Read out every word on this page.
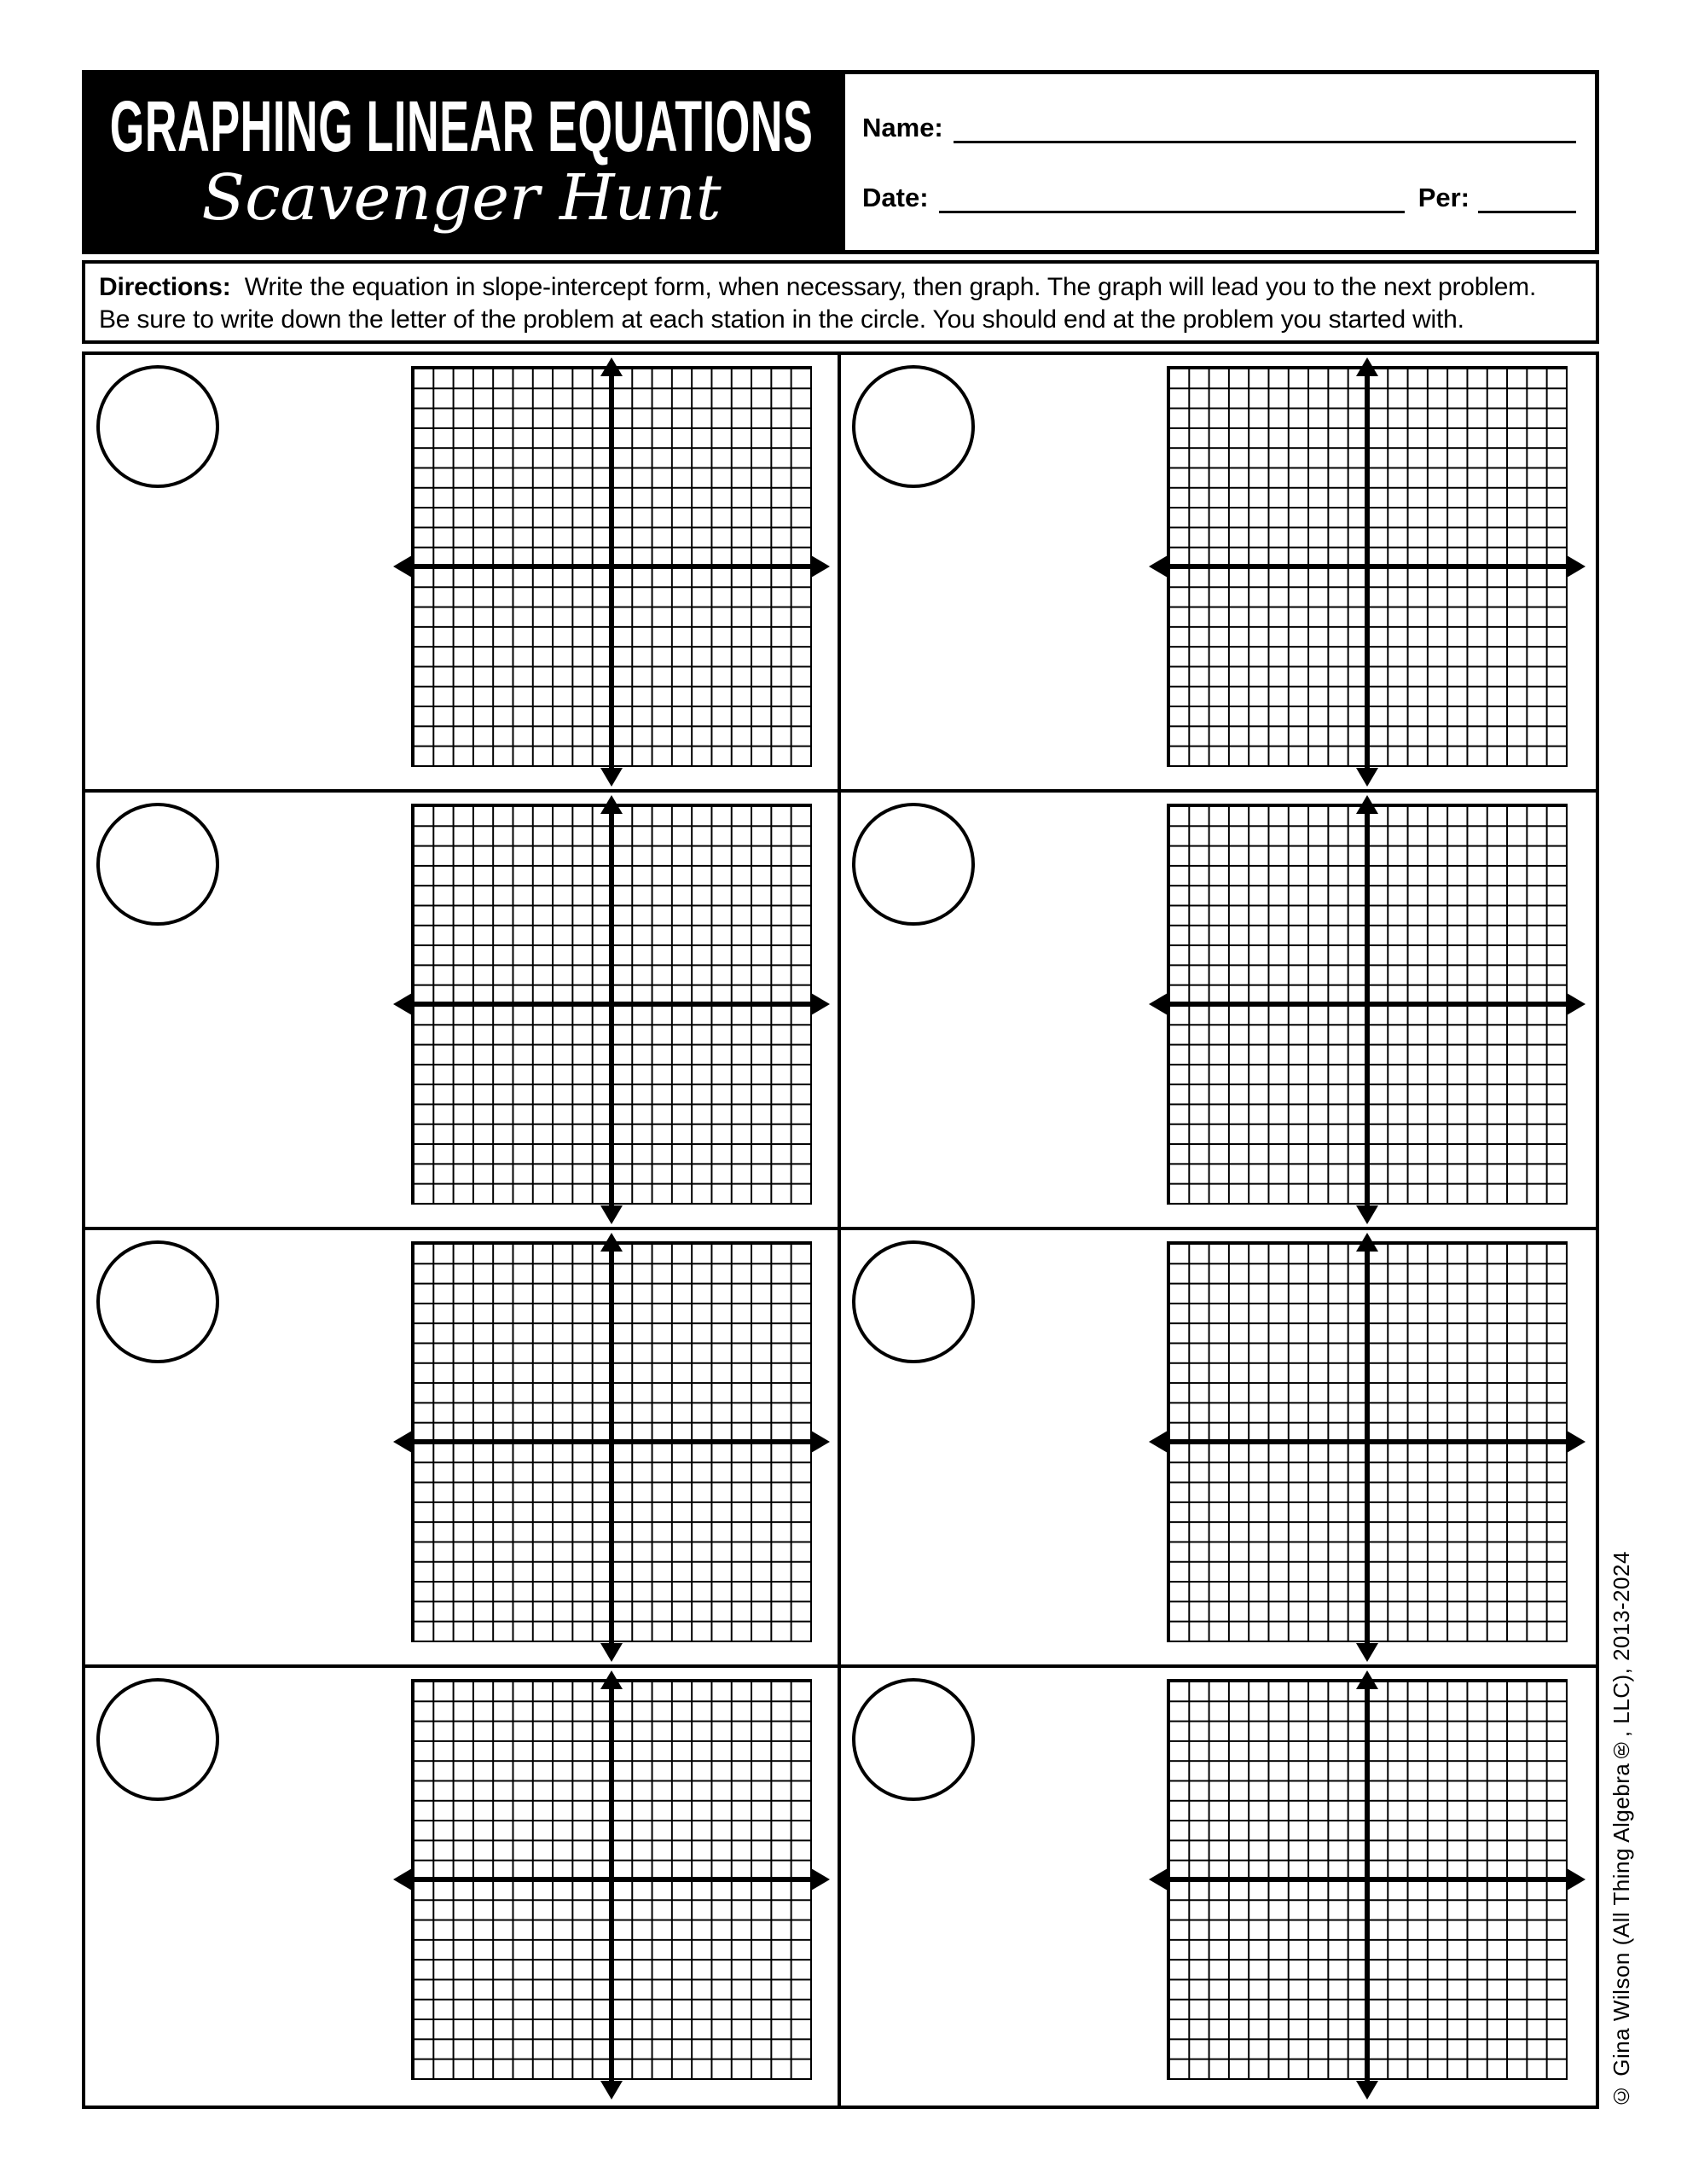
GRAPHING LINEAR EQUATIONS
Scavenger Hunt
Name:
Date:	Per:
Directions: Write the equation in slope-intercept form, when necessary, then graph. The graph will lead you to the next problem.
Be sure to write down the letter of the problem at each station in the circle. You should end at the problem you started with.
© Gina Wilson (All Thing Algebra®, LLC), 2013-2024
